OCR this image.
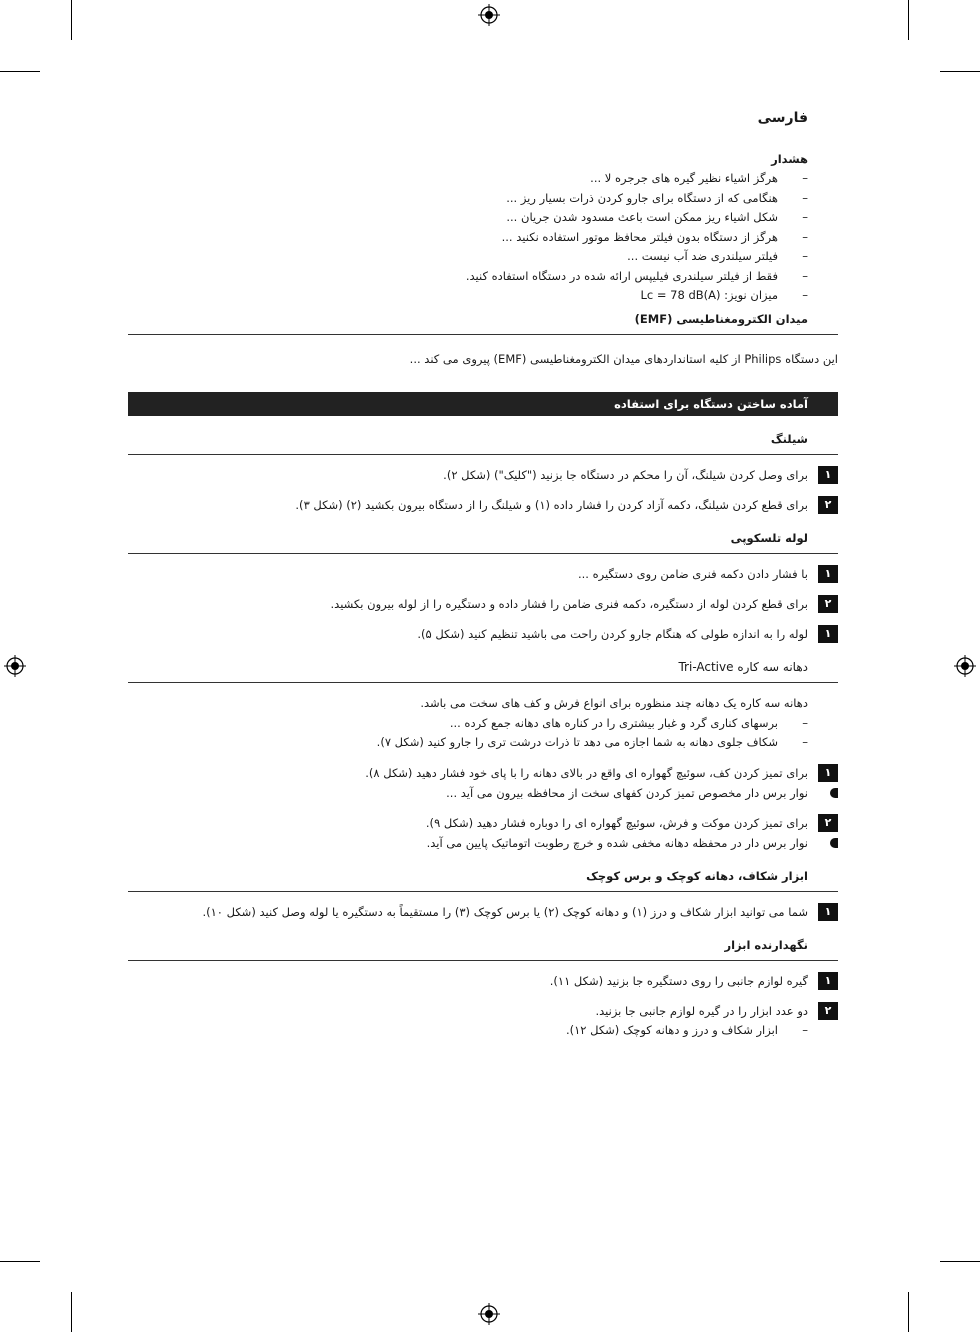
فارسی
هشدار
– هرگز اشیاء نظیر گیره های جرجره لا ...
– هنگامی که از دستگاه برای جارو کردن ذرات بسیار ریز ...
– شکل اشیاء ریز ممکن است باعث مسدود شدن جریان ...
– هرگز از دستگاه بدون فیلتر محافظ موتور استفاده نکنید ...
– فیلتر سیلندری ضد آب نیست ...
– فقط از فیلتر سیلندری فیلیپس ارائه شده در دستگاه استفاده کنید.
– میزان نویز: Lc = 78 dB(A)
میدان الکترومغناطیسی (EMF)
این دستگاه Philips از کلیه استانداردهای میدان الکترومغناطیسی (EMF) پیروی می کند ...
آماده ساختن دستگاه برای استفاده
شیلنگ
۱
برای وصل کردن شیلنگ، آن را محکم در دستگاه جا بزنید ("کلیک") (شکل ۲).
۲
برای قطع کردن شیلنگ، دکمه آزاد کردن را فشار داده (۱) و شیلنگ را از دستگاه بیرون بکشید (۲) (شکل ۳).
لوله تلسکوپی
۱
با فشار دادن دکمه فنری ضامن روی دستگیره ...
۲
برای قطع کردن لوله از دستگیره، دکمه فنری ضامن را فشار داده و دستگیره را از لوله بیرون بکشید.
۱
لوله را به اندازه طولی که هنگام جارو کردن راحت می باشید تنظیم کنید (شکل ۵).
دهانه سه کاره Tri-Active
دهانه سه کاره یک دهانه چند منظوره برای انواع فرش و کف های سخت می باشد.
– برسهای کناری گرد و غبار بیشتری را در کناره های دهانه جمع کرده ...
– شکاف جلوی دهانه به شما اجازه می دهد تا ذرات درشت تری را جارو کنید (شکل ۷).
۱
برای تمیز کردن کف، سوئیچ گهواره ای واقع در بالای دهانه را با پای خود فشار دهید (شکل ۸).
نوار برس دار مخصوص تمیز کردن کفهای سخت از محافظه بیرون می آید ...
۲
برای تمیز کردن موکت و فرش، سوئیچ گهواره ای را دوباره فشار دهید (شکل ۹).
نوار برس دار در محفظه دهانه مخفی شده و خرچ رطوبت اتوماتیک پایین می آید.
ابزار شکاف، دهانه کوچک و برس کوچک
۱
شما می توانید ابزار شکاف و درز (۱) و دهانه کوچک (۲) یا برس کوچک (۳) را مستقیماً به دستگیره یا لوله وصل کنید (شکل ۱۰).
نگهدارنده ابزار
۱
گیره لوازم جانبی را روی دستگیره جا بزنید (شکل ۱۱).
۲
دو عدد ابزار را در گیره لوازم جانبی جا بزنید.
– ابزار شکاف و درز و دهانه کوچک (شکل ۱۲).
